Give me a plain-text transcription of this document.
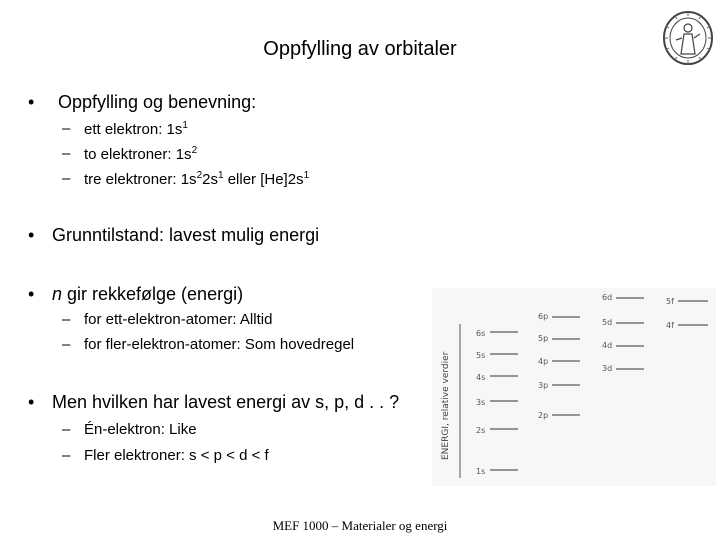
Oppfylling av orbitaler
• Oppfylling og benevning:
– ett elektron: $1s^1$
– to elektroner: $1s^2$
– tre elektroner: $1s^22s^1$ eller $[He]2s^1$
• Grunntilstand: lavest mulig energi
• n gir rekkefølge (energi)
– for ett-elektron-atomer: Alltid
– for fler-elektron-atomer: Som hovedregel
• Men hvilken har lavest energi av s, p, d . . ?
– Én-elektron: Like
– Fler elektroner: s < p < d < f	ENERGI, relative verdier
6s
5s
4s
3s
2s
1s
6p
5p
4p
3p
2p
6d
5d
4d
3d
5f
4f
MEF 1000 – Materialer og energi
